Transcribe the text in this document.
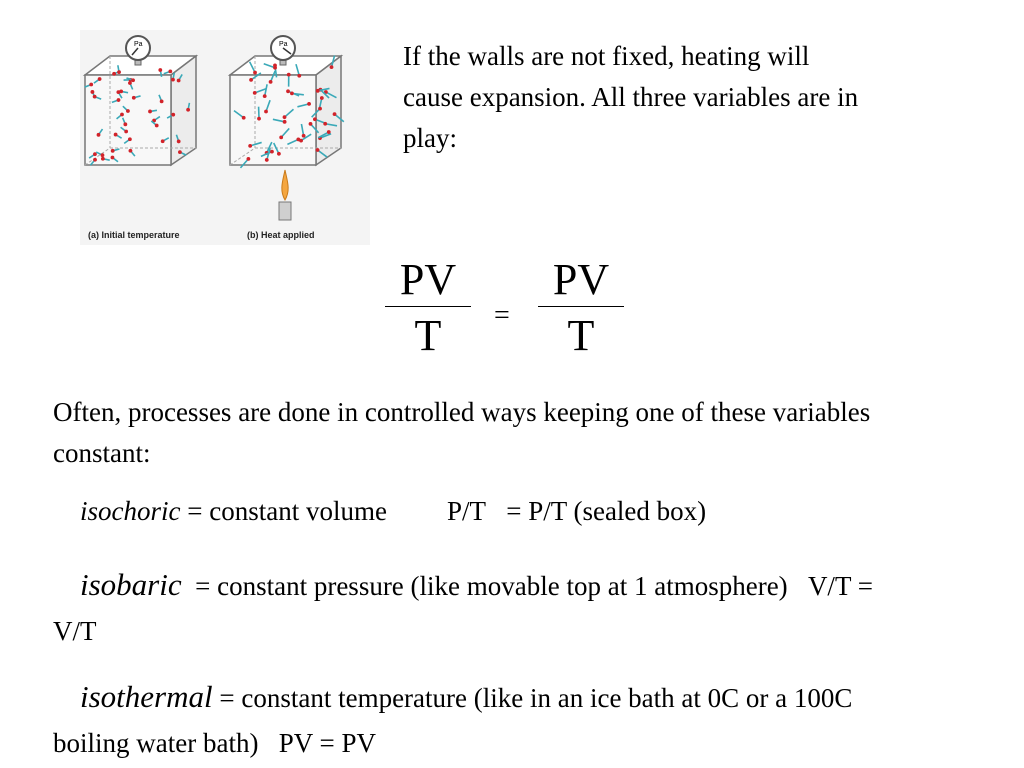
Pa	Pa
(a) Initial temperature	(b) Heat applied
If the walls are not fixed, heating will cause expansion. All three variables are in play:
PV
T	=
PV
T
Often, processes are done in controlled ways keeping one of these variables constant:
isochoric = constant volume P/T = P/T (sealed box)
isobaric = constant pressure (like movable top at 1 atmosphere) V/T = V/T
isothermal = constant temperature (like in an ice bath at 0C or a 100C boiling water bath) PV = PV
